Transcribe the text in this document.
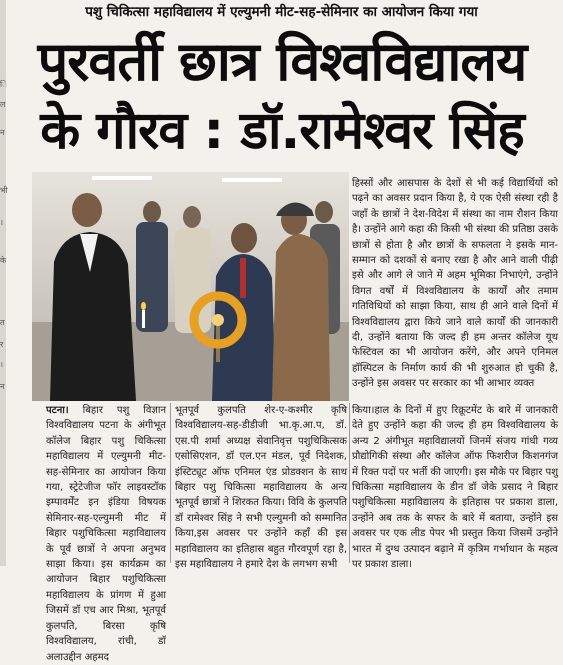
ि
ल
न
भी
।
के
त
र
।
न
पशु चिकित्सा महाविद्यालय में एल्युमनी मीट-सह-सेमिनार का आयोजन किया गया
पुरवर्ती छात्र विश्वविद्यालय
के गौरव : डॉ.रामेश्वर सिंह
हिस्सों और आसपास के देशों से भी कई विद्यार्थियों को पढ़ने का अवसर प्रदान किया है, ये एक ऐसी संस्था रही है जहाँ के छात्रों ने देश-विदेश में संस्था का नाम रौशन किया है। उन्होंने आगे कहा की किसी भी संस्था की प्रतिष्ठा उसके छात्रों से होता है और छात्रों के सफलता ने इसके मान-सम्मान को दशकों से बनाए रखा है और आने वाली पीढ़ी इसे और आगे ले जाने में अहम भूमिका निभाएंगे, उन्होंने विगत वर्षों में विश्वविद्यालय के कार्यों और तमाम गतिविधियों को साझा किया, साथ ही आने वाले दिनों में विश्वविद्यालय द्वारा किये जाने वाले कार्यों की जानकारी दी, उन्होंने बताया कि जल्द ही हम अन्तर कॉलेज यूथ फेस्टिवल का भी आयोजन करेंगे, और अपने एनिमल हॉस्पिटल के निर्माण कार्य की भी शुरुआत हो चुकी है, उन्होंने इस अवसर पर सरकार का भी आभार व्यक्त
पटना। बिहार पशु विज्ञान विश्वविद्यालय पटना के अंगीभूत कॉलेज बिहार पशु चिकित्सा महाविद्यालय में एल्युमनी मीट-सह-सेमिनार का आयोजन किया गया, स्ट्रेटेजीज फॉर लाइवस्टॉक इम्पावर्मेंट इन इंडिया विषयक सेमिनार-सह-एल्युमनी मीट में बिहार पशुचिकित्सा महाविद्यालय के पूर्व छात्रों ने अपना अनुभव साझा किया। इस कार्यक्रम का आयोजन बिहार पशुचिकित्सा महाविद्यालय के प्रांगण में हुआ जिसमें डॉ एच आर मिश्रा, भूतपूर्व कुलपति, बिरसा कृषि विश्वविद्यालय, रांची, डॉ अलाउद्दीन अहमद
भूतपूर्व कुलपति शेर-ए-कश्मीर कृषि विश्वविद्यालय-सह-डीडीजी भा.कृ.आ.प, डॉ. एस.पी शर्मा अध्यक्ष सेवानिवृत्त पशुचिकित्सक एसोसिएशन, डॉ एल.एन मंडल, पूर्व निदेशक, इंस्टिट्यूट ऑफ एनिमल एंड प्रोडक्शन के साथ बिहार पशु चिकित्सा महाविद्यालय के अन्य भूतपूर्व छात्रों ने शिरकत किया। विवि के कुलपति डॉ रामेश्वर सिंह ने सभी एल्युमनी को सम्मानित किया,इस अवसर पर उन्होंने कहाँ की इस महाविद्यालय का इतिहास बहुत गौरवपूर्ण रहा है, इस महाविद्यालय ने हमारे देश के लगभग सभी
किया।हाल के दिनों में हुए रिक्रूटमेंट के बारे में जानकारी देते हुए उन्होंने कहा की जल्द ही हम विश्वविद्यालय के अन्य 2 अंगीभूत महाविद्यालयों जिनमें संजय गांधी गव्य प्रौद्योगिकी संस्था और कॉलेज ऑफ फिशरीज किशनगंज में रिक्त पदों पर भर्ती की जाएगी। इस मौके पर बिहार पशु चिकित्सा महाविद्यालय के डीन डॉ जेके प्रसाद ने बिहार पशुचिकित्सा महाविद्यालय के इतिहास पर प्रकाश डाला, उन्होंने अब तक के सफर के बारे में बताया, उन्होंने इस अवसर पर एक लीड पेपर भी प्रस्तुत किया जिसमें उन्होंने भारत में दुग्ध उत्पादन बढ़ाने में कृत्रिम गर्भाधान के महत्व पर प्रकाश डाला।
